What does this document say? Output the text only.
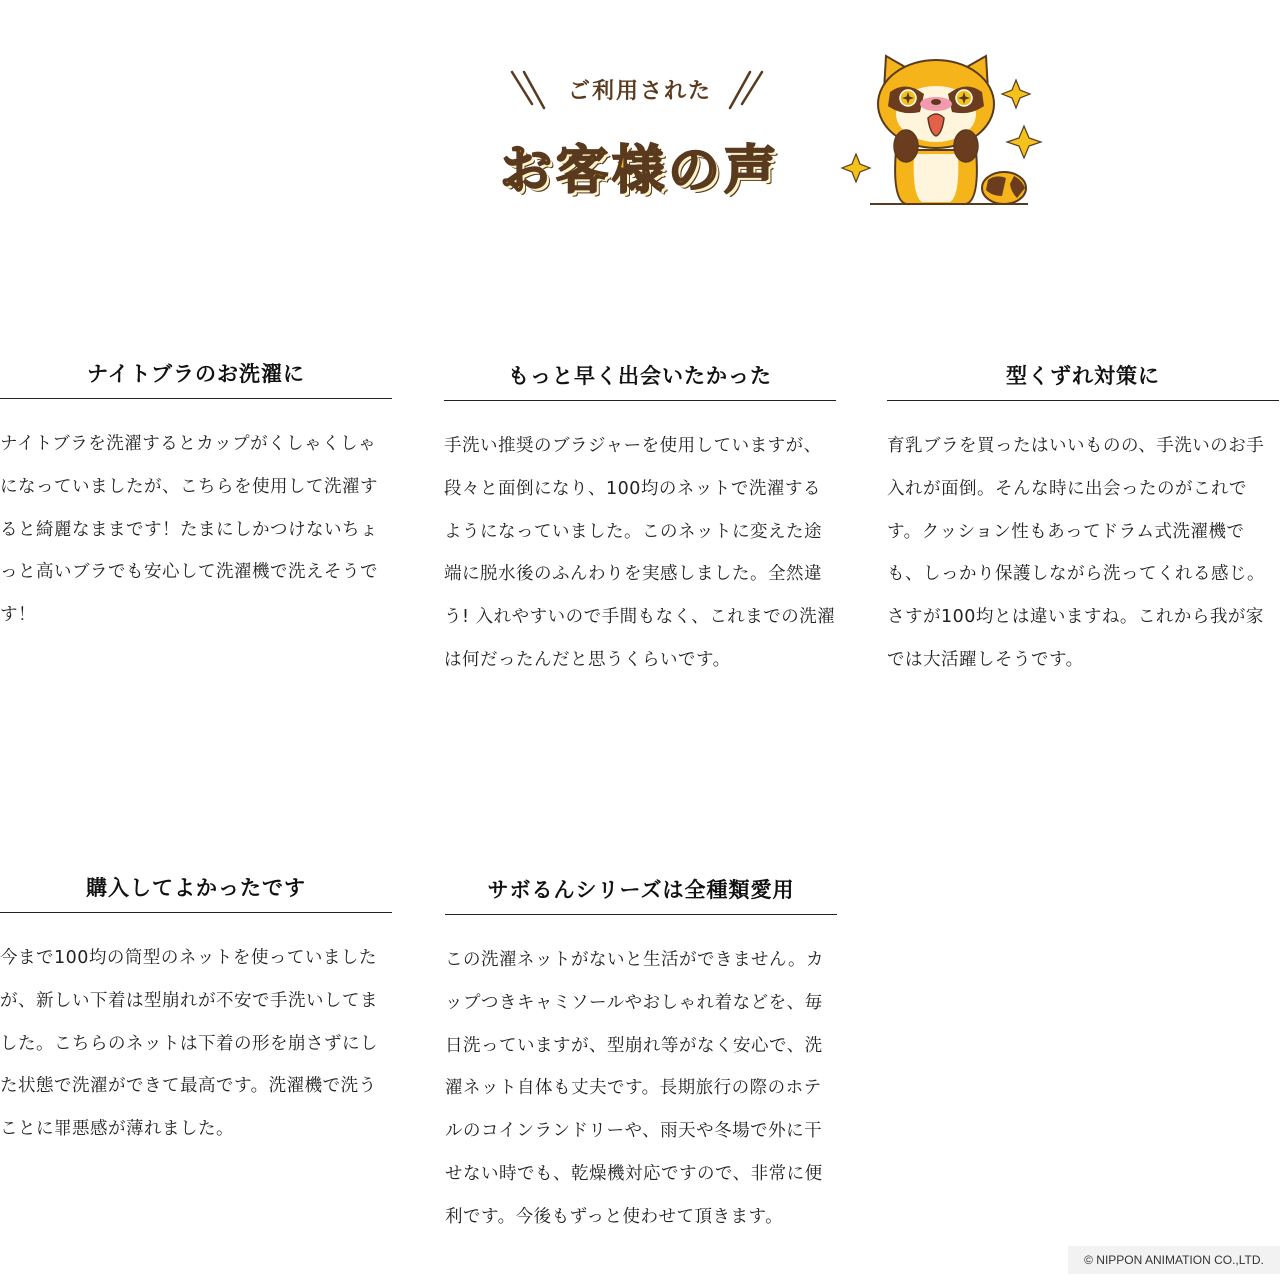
ご利用された
お客様の声
ナイトブラのお洗濯に

ナイトブラを洗濯するとカップがくしゃくしゃになっていましたが、こちらを使用して洗濯すると綺麗なままです！たまにしかつけないちょっと高いブラでも安心して洗濯機で洗えそうです！

もっと早く出会いたかった

手洗い推奨のブラジャーを使用していますが、段々と面倒になり、100均のネットで洗濯するようになっていました。このネットに変えた途端に脱水後のふんわりを実感しました。全然違う! 入れやすいので手間もなく、これまでの洗濯は何だったんだと思うくらいです。

型くずれ対策に

育乳ブラを買ったはいいものの、手洗いのお手入れが面倒。そんな時に出会ったのがこれです。クッション性もあってドラム式洗濯機でも、しっかり保護しながら洗ってくれる感じ。さすが100均とは違いますね。これから我が家では大活躍しそうです。

購入してよかったです

今まで100均の筒型のネットを使っていましたが、新しい下着は型崩れが不安で手洗いしてました。こちらのネットは下着の形を崩さずにした状態で洗濯ができて最高です。洗濯機で洗うことに罪悪感が薄れました。

サボるんシリーズは全種類愛用

この洗濯ネットがないと生活ができません。カップつきキャミソールやおしゃれ着などを、毎日洗っていますが、型崩れ等がなく安心で、洗濯ネット自体も丈夫です。長期旅行の際のホテルのコインランドリーや、雨天や冬場で外に干せない時でも、乾燥機対応ですので、非常に便利です。今後もずっと使わせて頂きます。

© NIPPON ANIMATION CO.,LTD.
